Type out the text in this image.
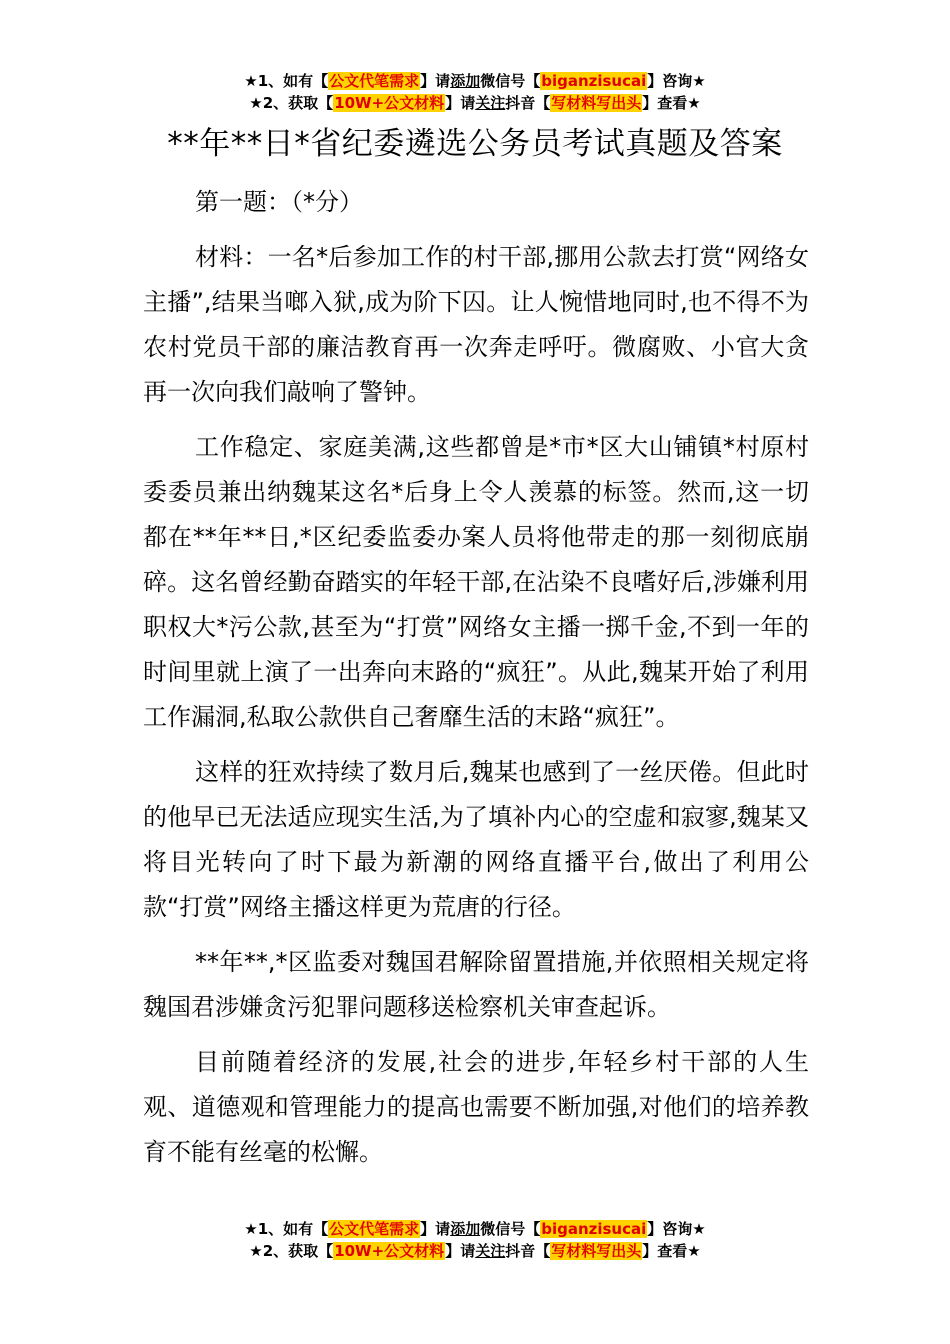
★1、如有【公文代笔需求】请添加微信号【biganzisucai】咨询★
★2、获取【10W+公文材料】请关注抖音【写材料写出头】查看★
**年**日*省纪委遴选公务员考试真题及答案

第一题：（*分）

材料：一名*后参加工作的村干部,挪用公款去打赏“网络女主播”,结果当啷入狱,成为阶下囚。让人惋惜地同时,也不得不为农村党员干部的廉洁教育再一次奔走呼吁。微腐败、小官大贪再一次向我们敲响了警钟。

工作稳定、家庭美满,这些都曾是*市*区大山铺镇*村原村委委员兼出纳魏某这名*后身上令人羡慕的标签。然而,这一切都在**年**日,*区纪委监委办案人员将他带走的那一刻彻底崩碎。这名曾经勤奋踏实的年轻干部,在沾染不良嗜好后,涉嫌利用职权大*污公款,甚至为“打赏”网络女主播一掷千金,不到一年的时间里就上演了一出奔向末路的“疯狂”。从此,魏某开始了利用工作漏洞,私取公款供自己奢靡生活的末路“疯狂”。

这样的狂欢持续了数月后,魏某也感到了一丝厌倦。但此时的他早已无法适应现实生活,为了填补内心的空虚和寂寥,魏某又将目光转向了时下最为新潮的网络直播平台,做出了利用公款“打赏”网络主播这样更为荒唐的行径。

**年**,*区监委对魏国君解除留置措施,并依照相关规定将魏国君涉嫌贪污犯罪问题移送检察机关审查起诉。

目前随着经济的发展,社会的进步,年轻乡村干部的人生观、道德观和管理能力的提高也需要不断加强,对他们的培养教育不能有丝毫的松懈。

★1、如有【公文代笔需求】请添加微信号【biganzisucai】咨询★
★2、获取【10W+公文材料】请关注抖音【写材料写出头】查看★
